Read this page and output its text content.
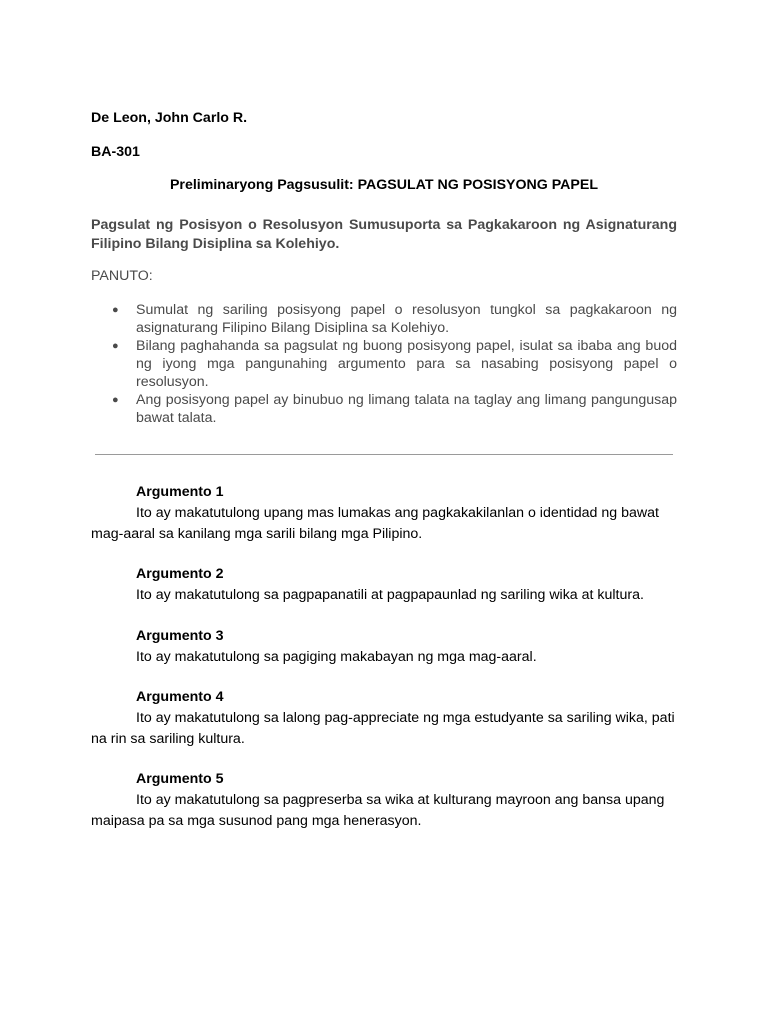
De Leon, John Carlo R.

BA-301

Preliminaryong Pagsusulit: PAGSULAT NG POSISYONG PAPEL

Pagsulat ng Posisyon o Resolusyon Sumusuporta sa Pagkakaroon ng Asignaturang Filipino Bilang Disiplina sa Kolehiyo.

PANUTO:
● Sumulat ng sariling posisyong papel o resolusyon tungkol sa pagkakaroon ng asignaturang Filipino Bilang Disiplina sa Kolehiyo.
● Bilang paghahanda sa pagsulat ng buong posisyong papel, isulat sa ibaba ang buod ng iyong mga pangunahing argumento para sa nasabing posisyong papel o resolusyon.
● Ang posisyong papel ay binubuo ng limang talata na taglay ang limang pangungusap bawat talata.
Argumento 1

Ito ay makatutulong upang mas lumakas ang pagkakakilanlan o identidad ng bawat mag-aaral sa kanilang mga sarili bilang mga Pilipino.

Argumento 2

Ito ay makatutulong sa pagpapanatili at pagpapaunlad ng sariling wika at kultura.

Argumento 3

Ito ay makatutulong sa pagiging makabayan ng mga mag-aaral.

Argumento 4

Ito ay makatutulong sa lalong pag-appreciate ng mga estudyante sa sariling wika, pati na rin sa sariling kultura.

Argumento 5

Ito ay makatutulong sa pagpreserba sa wika at kulturang mayroon ang bansa upang maipasa pa sa mga susunod pang mga henerasyon.
